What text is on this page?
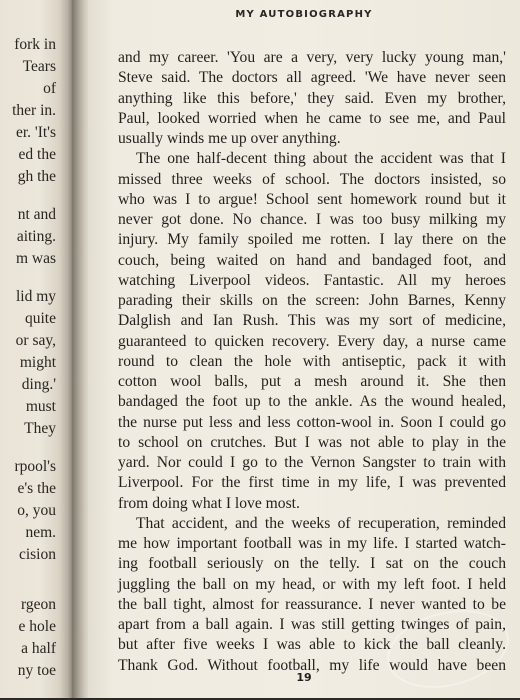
fork in
Tears
of
ther in.
er. 'It's
ed the
gh the
nt and
aiting.
m was
lid my
quite
or say,
might
ding.'
must
They
rpool's
e's the
o, you
nem.
cision
rgeon
e hole
a half
ny toe
MY AUTOBIOGRAPHY
19
and my career. 'You are a very, very lucky young man,'
Steve said. The doctors all agreed. 'We have never seen
anything like this before,' they said. Even my brother,
Paul, looked worried when he came to see me, and Paul
usually winds me up over anything.
The one half-decent thing about the accident was that I
missed three weeks of school. The doctors insisted, so
who was I to argue! School sent homework round but it
never got done. No chance. I was too busy milking my
injury. My family spoiled me rotten. I lay there on the
couch, being waited on hand and bandaged foot, and
watching Liverpool videos. Fantastic. All my heroes
parading their skills on the screen: John Barnes, Kenny
Dalglish and Ian Rush. This was my sort of medicine,
guaranteed to quicken recovery. Every day, a nurse came
round to clean the hole with antiseptic, pack it with
cotton wool balls, put a mesh around it. She then
bandaged the foot up to the ankle. As the wound healed,
the nurse put less and less cotton-wool in. Soon I could go
to school on crutches. But I was not able to play in the
yard. Nor could I go to the Vernon Sangster to train with
Liverpool. For the first time in my life, I was prevented
from doing what I love most.
That accident, and the weeks of recuperation, reminded
me how important football was in my life. I started watch-
ing football seriously on the telly. I sat on the couch
juggling the ball on my head, or with my left foot. I held
the ball tight, almost for reassurance. I never wanted to be
apart from a ball again. I was still getting twinges of pain,
but after five weeks I was able to kick the ball cleanly.
Thank God. Without football, my life would have been
